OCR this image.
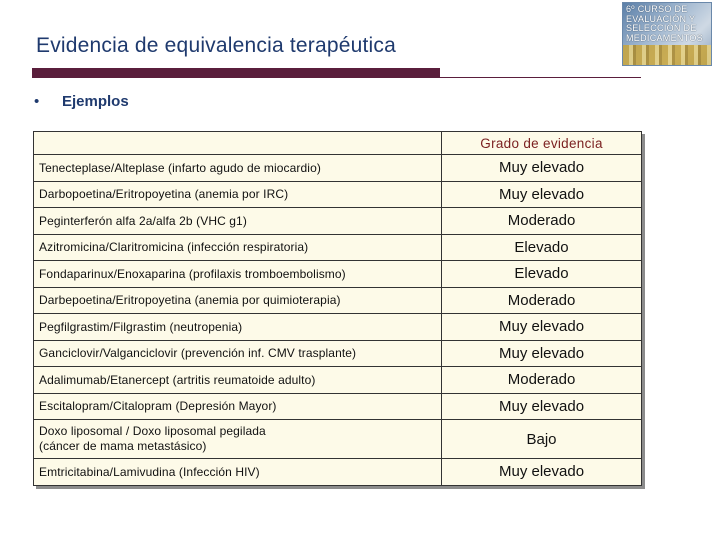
Evidencia de equivalencia terapéutica
6º CURSO DE
EVALUACIÓN Y
SELECCIÓN DE
MEDICAMENTOS
• Ejemplos
	Grado de evidencia
Tenecteplase/Alteplase (infarto agudo de miocardio)	Muy elevado
Darbopoetina/Eritropoyetina (anemia por IRC)	Muy elevado
Peginterferón alfa 2a/alfa 2b (VHC g1)	Moderado
Azitromicina/Claritromicina (infección respiratoria)	Elevado
Fondaparinux/Enoxaparina (profilaxis tromboembolismo)	Elevado
Darbepoetina/Eritropoyetina (anemia por quimioterapia)	Moderado
Pegfilgrastim/Filgrastim (neutropenia)	Muy elevado
Ganciclovir/Valganciclovir (prevención inf. CMV trasplante)	Muy elevado
Adalimumab/Etanercept (artritis reumatoide adulto)	Moderado
Escitalopram/Citalopram (Depresión Mayor)	Muy elevado
Doxo liposomal / Doxo liposomal pegilada
(cáncer de mama metastásico)	Bajo
Emtricitabina/Lamivudina (Infección HIV)	Muy elevado
